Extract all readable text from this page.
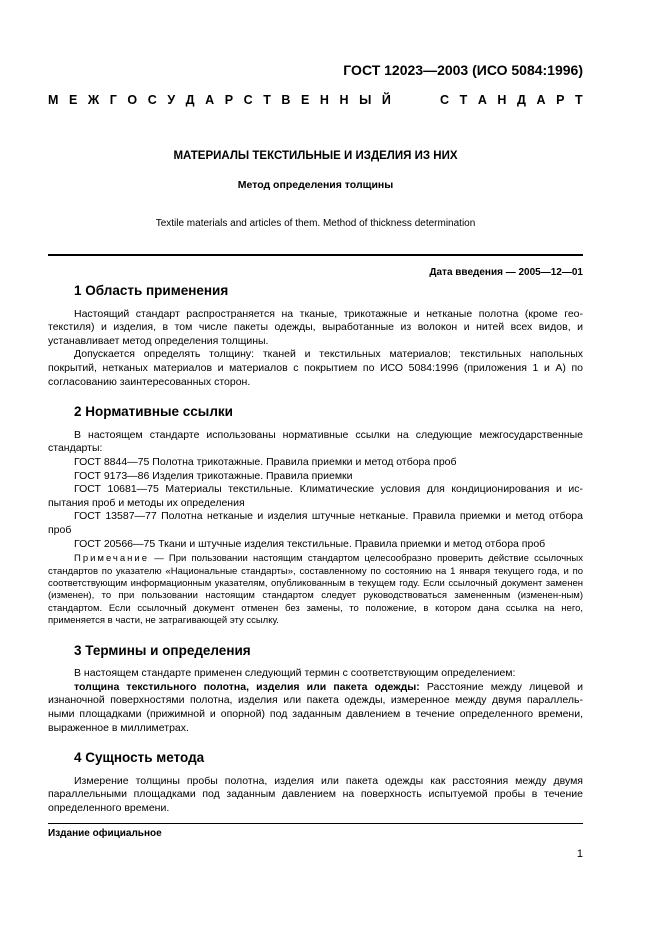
ГОСТ 12023—2003 (ИСО 5084:1996)

М Е Ж Г О С У Д А Р С Т В Е Н Н Ы Й	С Т А Н Д А Р Т

МАТЕРИАЛЫ ТЕКСТИЛЬНЫЕ И ИЗДЕЛИЯ ИЗ НИХ

Метод определения толщины

Textile materials and articles of them. Method of thickness determination

Дата введения — 2005—12—01

1 Область применения

Настоящий стандарт распространяется на тканые, трикотажные и нетканые полотна (кроме гео-текстиля) и изделия, в том числе пакеты одежды, выработанные из волокон и нитей всех видов, и устанавливает метод определения толщины.

Допускается определять толщину: тканей и текстильных материалов; текстильных напольных покрытий, нетканых материалов и материалов с покрытием по ИСО 5084:1996 (приложения 1 и А) по согласованию заинтересованных сторон.

2 Нормативные ссылки

В настоящем стандарте использованы нормативные ссылки на следующие межгосударственные стандарты:

ГОСТ 8844—75 Полотна трикотажные. Правила приемки и метод отбора проб

ГОСТ 9173—86 Изделия трикотажные. Правила приемки

ГОСТ 10681—75 Материалы текстильные. Климатические условия для кондиционирования и ис-пытания проб и методы их определения

ГОСТ 13587—77 Полотна нетканые и изделия штучные нетканые. Правила приемки и метод отбора проб

ГОСТ 20566—75 Ткани и штучные изделия текстильные. Правила приемки и метод отбора проб

Примечание — При пользовании настоящим стандартом целесообразно проверить действие ссылочных стандартов по указателю «Национальные стандарты», составленному по состоянию на 1 января текущего года, и по соответствующим информационным указателям, опубликованным в текущем году. Если ссылочный документ заменен (изменен), то при пользовании настоящим стандартом следует руководствоваться замененным (изменен-ным) стандартом. Если ссылочный документ отменен без замены, то положение, в котором дана ссылка на него, применяется в части, не затрагивающей эту ссылку.

3 Термины и определения

В настоящем стандарте применен следующий термин с соответствующим определением:

толщина текстильного полотна, изделия или пакета одежды: Расстояние между лицевой и изнаночной поверхностями полотна, изделия или пакета одежды, измеренное между двумя параллель-ными площадками (прижимной и опорной) под заданным давлением в течение определенного времени, выраженное в миллиметрах.

4 Сущность метода

Измерение толщины пробы полотна, изделия или пакета одежды как расстояния между двумя параллельными площадками под заданным давлением на поверхность испытуемой пробы в течение определенного времени.

Издание официальное

1
